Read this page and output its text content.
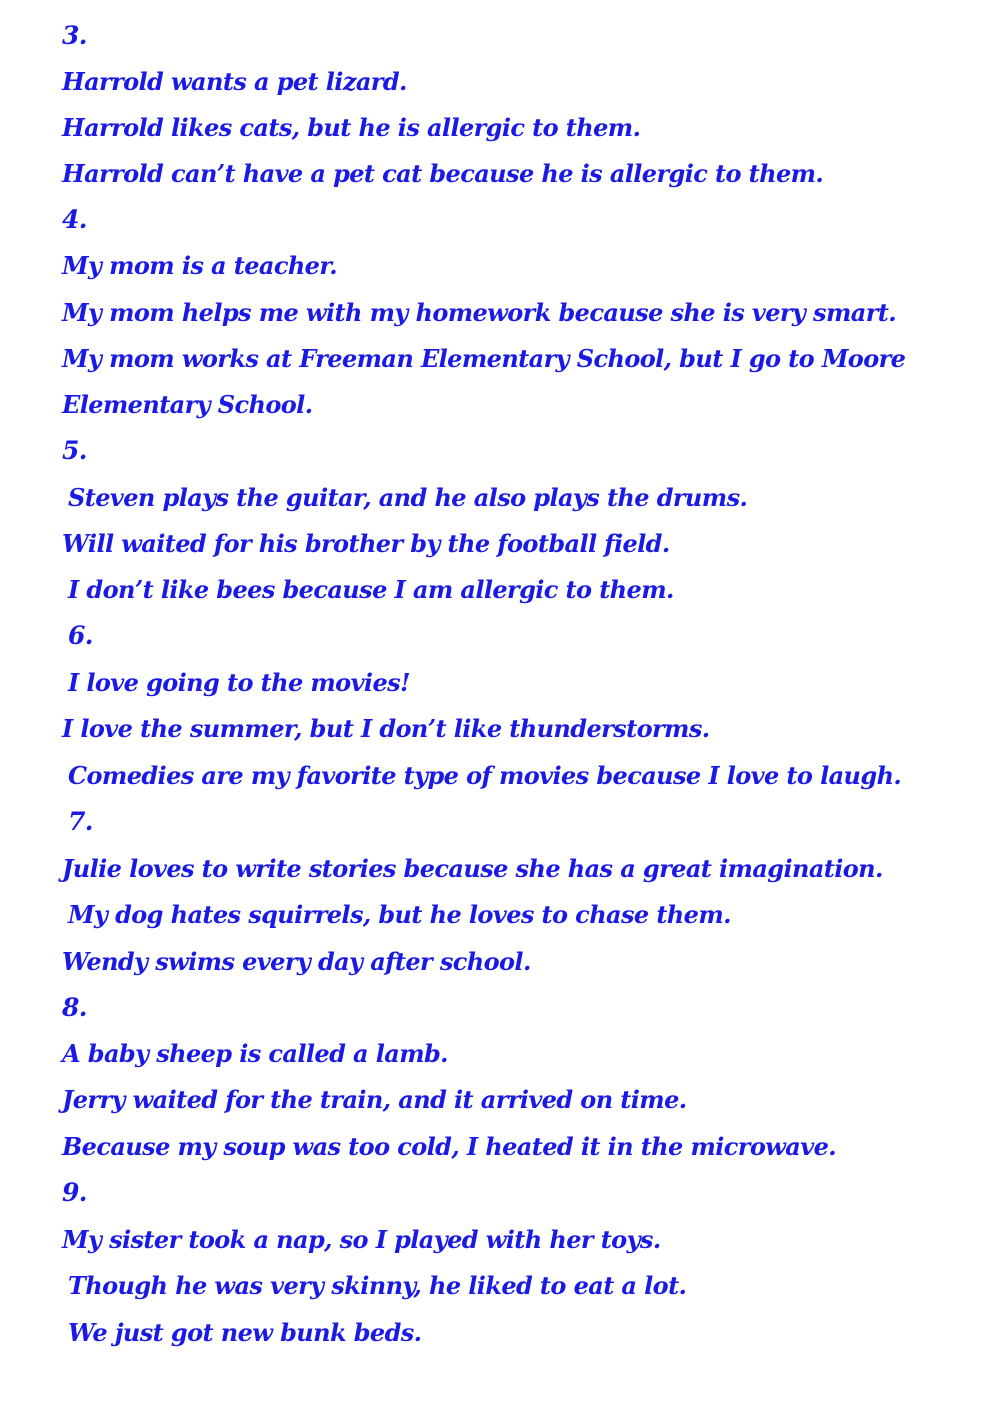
3.
Harrold wants a pet lizard.
Harrold likes cats, but he is allergic to them.
Harrold can’t have a pet cat because he is allergic to them.
4.
My mom is a teacher.
My mom helps me with my homework because she is very smart.
My mom works at Freeman Elementary School, but I go to Moore
Elementary School.
5.
Steven plays the guitar, and he also plays the drums.
Will waited for his brother by the football field.
I don’t like bees because I am allergic to them.
6.
I love going to the movies!
I love the summer, but I don’t like thunderstorms.
Comedies are my favorite type of movies because I love to laugh.
7.
Julie loves to write stories because she has a great imagination.
My dog hates squirrels, but he loves to chase them.
Wendy swims every day after school.
8.
A baby sheep is called a lamb.
Jerry waited for the train, and it arrived on time.
Because my soup was too cold, I heated it in the microwave.
9.
My sister took a nap, so I played with her toys.
Though he was very skinny, he liked to eat a lot.
We just got new bunk beds.
